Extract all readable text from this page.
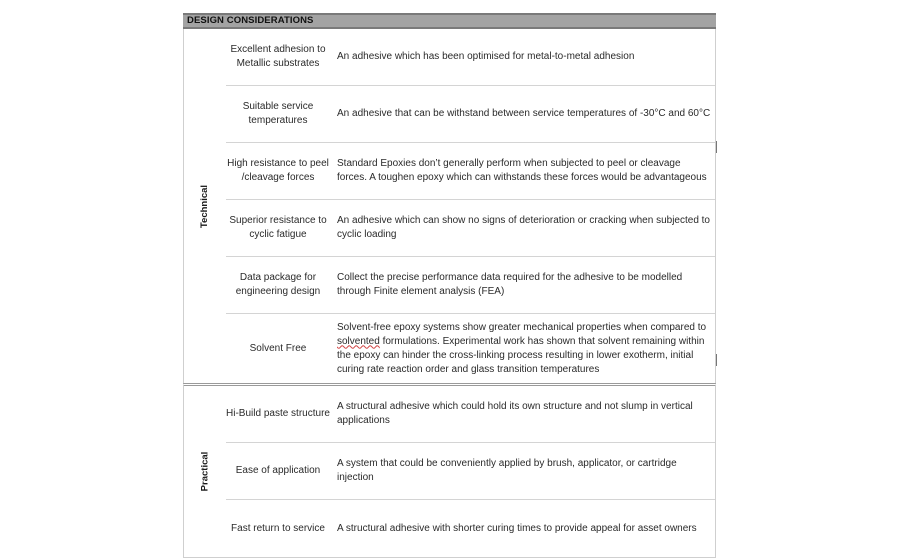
DESIGN CONSIDERATIONS
Technical
Excellent adhesion to Metallic substrates
An adhesive which has been optimised for metal-to-metal adhesion
Suitable service temperatures
An adhesive that can be withstand between service temperatures of -30°C and 60°C
High resistance to peel /cleavage forces
Standard Epoxies don’t generally perform when subjected to peel or cleavage forces. A toughen epoxy which can withstands these forces would be advantageous
Superior resistance to cyclic fatigue
An adhesive which can show no signs of deterioration or cracking when subjected to cyclic loading
Data package for engineering design
Collect the precise performance data required for the adhesive to be modelled through Finite element analysis (FEA)
Solvent Free
Solvent-free epoxy systems show greater mechanical properties when compared to solvented formulations. Experimental work has shown that solvent remaining within the epoxy can hinder the cross-linking process resulting in lower exotherm, initial curing rate reaction order and glass transition temperatures
Practical
Hi-Build paste structure
A structural adhesive which could hold its own structure and not slump in vertical applications
Ease of application
A system that could be conveniently applied by brush, applicator, or cartridge injection
Fast return to service	A structural adhesive with shorter curing times to provide appeal for asset owners
